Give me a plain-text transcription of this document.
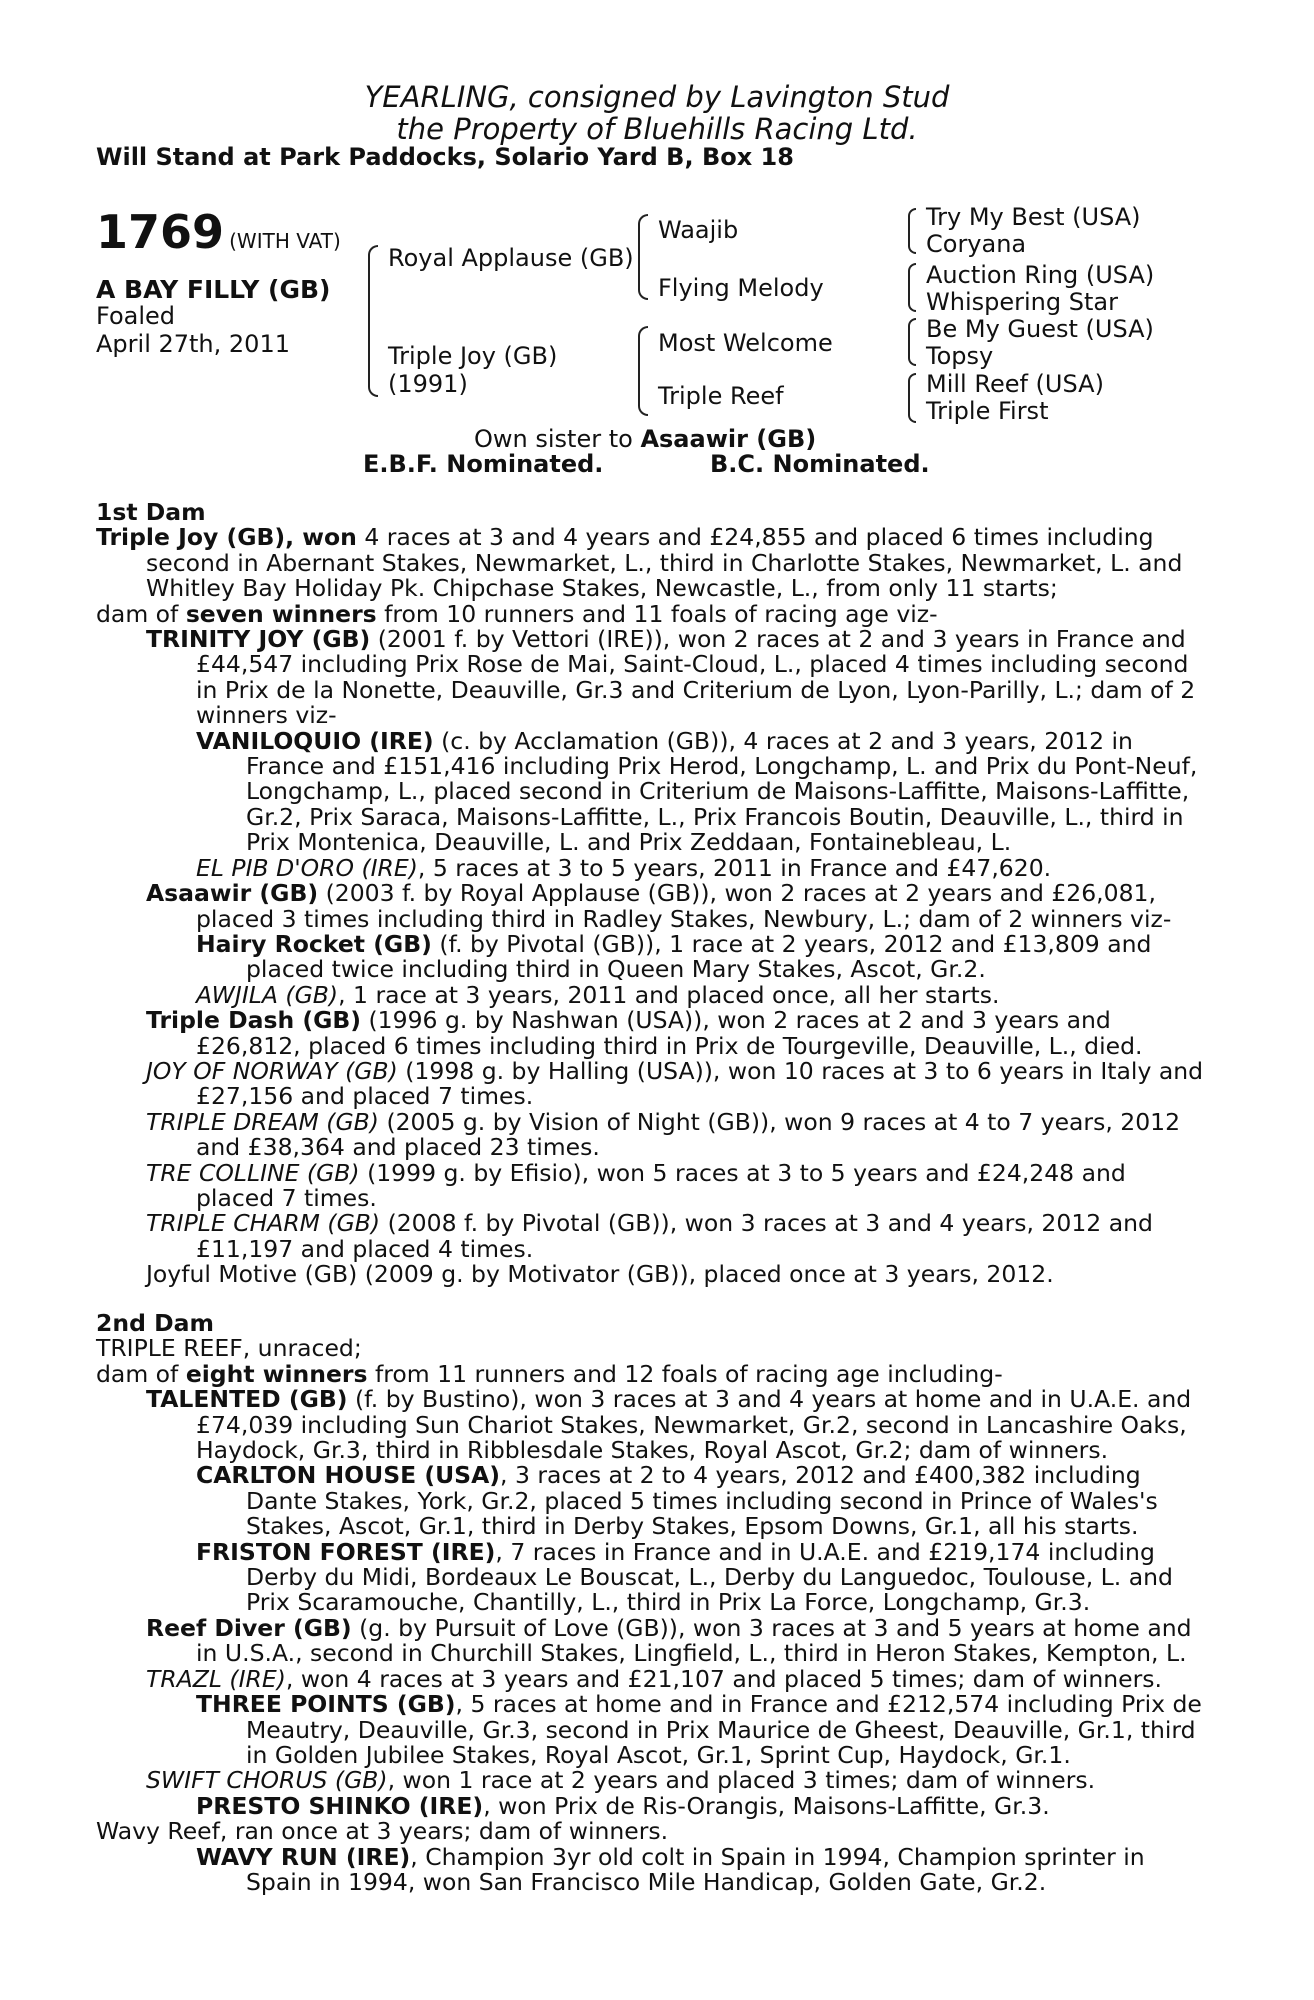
YEARLING, consigned by Lavington Stud
the Property of Bluehills Racing Ltd.
Will Stand at Park Paddocks, Solario Yard B, Box 18
1769 (WITH VAT)
A BAY FILLY (GB)
Foaled
April 27th, 2011
Royal Applause (GB)
Triple Joy (GB)
(1991)
Waajib
Flying Melody
Most Welcome
Triple Reef
Try My Best (USA)
Coryana
Auction Ring (USA)
Whispering Star
Be My Guest (USA)
Topsy
Mill Reef (USA)
Triple First
Own sister to Asaawir (GB)
E.B.F. Nominated.	B.C. Nominated.

1st Dam

Triple Joy (GB), won 4 races at 3 and 4 years and £24,855 and placed 6 times including second in Abernant Stakes, Newmarket, L., third in Charlotte Stakes, Newmarket, L. and Whitley Bay Holiday Pk. Chipchase Stakes, Newcastle, L., from only 11 starts;

dam of seven winners from 10 runners and 11 foals of racing age viz-

TRINITY JOY (GB) (2001 f. by Vettori (IRE)), won 2 races at 2 and 3 years in France and £44,547 including Prix Rose de Mai, Saint-Cloud, L., placed 4 times including second in Prix de la Nonette, Deauville, Gr.3 and Criterium de Lyon, Lyon-Parilly, L.; dam of 2 winners viz-

VANILOQUIO (IRE) (c. by Acclamation (GB)), 4 races at 2 and 3 years, 2012 in France and £151,416 including Prix Herod, Longchamp, L. and Prix du Pont-Neuf, Longchamp, L., placed second in Criterium de Maisons-Laffitte, Maisons-Laffitte, Gr.2, Prix Saraca, Maisons-Laffitte, L., Prix Francois Boutin, Deauville, L., third in Prix Montenica, Deauville, L. and Prix Zeddaan, Fontainebleau, L.

EL PIB D'ORO (IRE), 5 races at 3 to 5 years, 2011 in France and £47,620.

Asaawir (GB) (2003 f. by Royal Applause (GB)), won 2 races at 2 years and £26,081, placed 3 times including third in Radley Stakes, Newbury, L.; dam of 2 winners viz-

Hairy Rocket (GB) (f. by Pivotal (GB)), 1 race at 2 years, 2012 and £13,809 and placed twice including third in Queen Mary Stakes, Ascot, Gr.2.

AWJILA (GB), 1 race at 3 years, 2011 and placed once, all her starts.

Triple Dash (GB) (1996 g. by Nashwan (USA)), won 2 races at 2 and 3 years and £26,812, placed 6 times including third in Prix de Tourgeville, Deauville, L., died.

JOY OF NORWAY (GB) (1998 g. by Halling (USA)), won 10 races at 3 to 6 years in Italy and £27,156 and placed 7 times.

TRIPLE DREAM (GB) (2005 g. by Vision of Night (GB)), won 9 races at 4 to 7 years, 2012 and £38,364 and placed 23 times.

TRE COLLINE (GB) (1999 g. by Efisio), won 5 races at 3 to 5 years and £24,248 and placed 7 times.

TRIPLE CHARM (GB) (2008 f. by Pivotal (GB)), won 3 races at 3 and 4 years, 2012 and £11,197 and placed 4 times.

Joyful Motive (GB) (2009 g. by Motivator (GB)), placed once at 3 years, 2012.

2nd Dam

TRIPLE REEF, unraced;

dam of eight winners from 11 runners and 12 foals of racing age including-

TALENTED (GB) (f. by Bustino), won 3 races at 3 and 4 years at home and in U.A.E. and £74,039 including Sun Chariot Stakes, Newmarket, Gr.2, second in Lancashire Oaks, Haydock, Gr.3, third in Ribblesdale Stakes, Royal Ascot, Gr.2; dam of winners.

CARLTON HOUSE (USA), 3 races at 2 to 4 years, 2012 and £400,382 including Dante Stakes, York, Gr.2, placed 5 times including second in Prince of Wales's Stakes, Ascot, Gr.1, third in Derby Stakes, Epsom Downs, Gr.1, all his starts.

FRISTON FOREST (IRE), 7 races in France and in U.A.E. and £219,174 including Derby du Midi, Bordeaux Le Bouscat, L., Derby du Languedoc, Toulouse, L. and Prix Scaramouche, Chantilly, L., third in Prix La Force, Longchamp, Gr.3.

Reef Diver (GB) (g. by Pursuit of Love (GB)), won 3 races at 3 and 5 years at home and in U.S.A., second in Churchill Stakes, Lingfield, L., third in Heron Stakes, Kempton, L.

TRAZL (IRE), won 4 races at 3 years and £21,107 and placed 5 times; dam of winners.

THREE POINTS (GB), 5 races at home and in France and £212,574 including Prix de Meautry, Deauville, Gr.3, second in Prix Maurice de Gheest, Deauville, Gr.1, third in Golden Jubilee Stakes, Royal Ascot, Gr.1, Sprint Cup, Haydock, Gr.1.

SWIFT CHORUS (GB), won 1 race at 2 years and placed 3 times; dam of winners.

PRESTO SHINKO (IRE), won Prix de Ris-Orangis, Maisons-Laffitte, Gr.3.

Wavy Reef, ran once at 3 years; dam of winners.

WAVY RUN (IRE), Champion 3yr old colt in Spain in 1994, Champion sprinter in Spain in 1994, won San Francisco Mile Handicap, Golden Gate, Gr.2.
